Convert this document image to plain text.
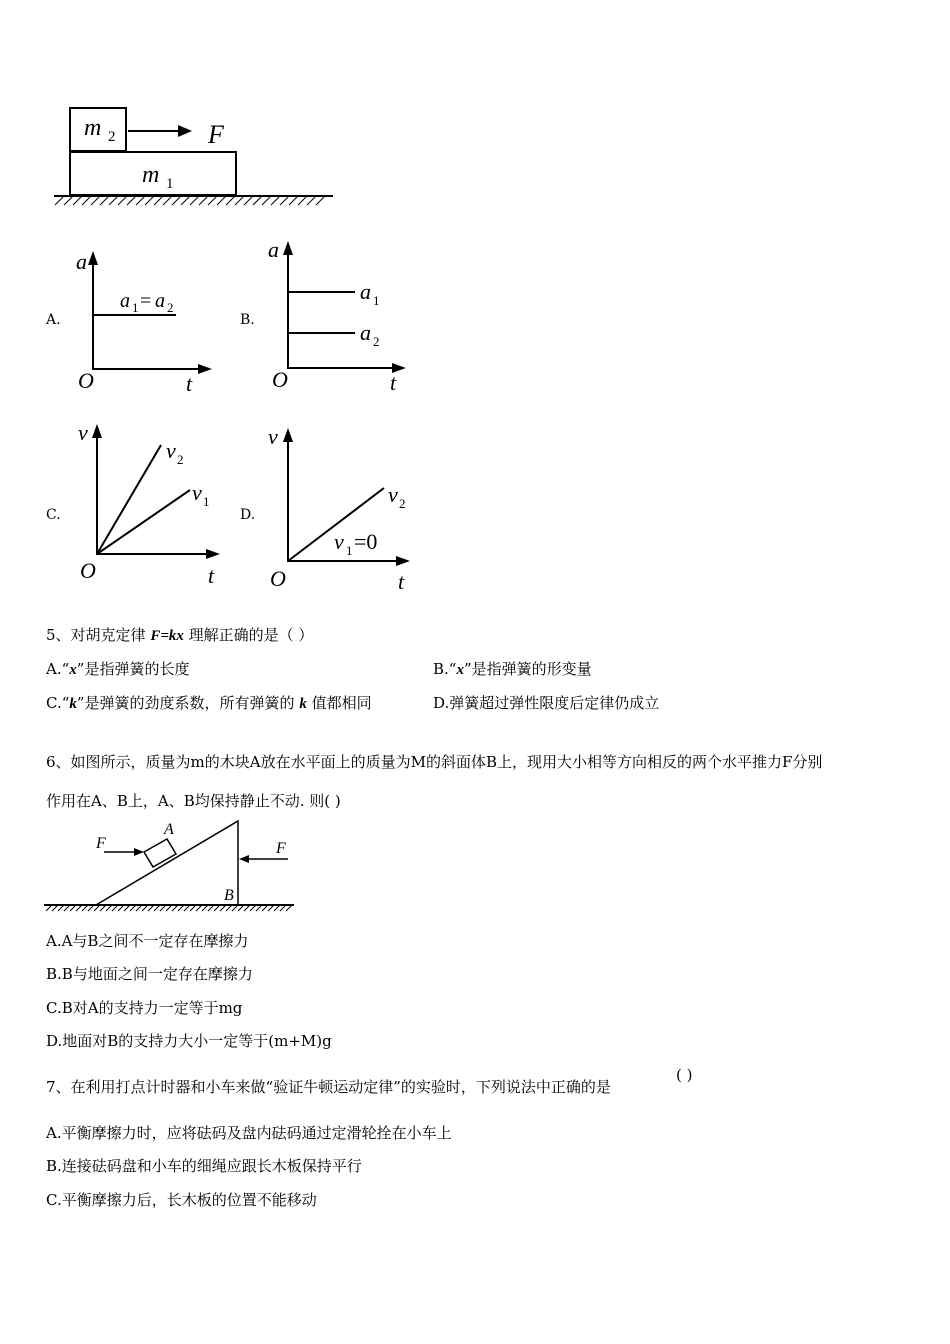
m 2	F
m 1
A.
a
O	t
a 1 = a 2
B.
a
O	t
a 1
a 2
C.
v
O	t
v 2
v 1
D.
v
O	t
v 2
v 1 =0
5、对胡克定律 F=kx 理解正确的是（ ）
A.“x”是指弹簧的长度	B.“x”是指弹簧的形变量
C.“k”是弹簧的劲度系数，所有弹簧的 k 值都相同	D.弹簧超过弹性限度后定律仍成立
6、如图所示，质量为m的木块A放在水平面上的质量为M的斜面体B上，现用大小相等方向相反的两个水平推力F分别
作用在A、B上，A、B均保持静止不动. 则( )
F
A
F
B
A.A与B之间不一定存在摩擦力
B.B与地面之间一定存在摩擦力
C.B对A的支持力一定等于mg
D.地面对B的支持力大小一定等于(m+M)g
7、在利用打点计时器和小车来做“验证牛顿运动定律”的实验时，下列说法中正确的是
( )
A.平衡摩擦力时，应将砝码及盘内砝码通过定滑轮拴在小车上
B.连接砝码盘和小车的细绳应跟长木板保持平行
C.平衡摩擦力后，长木板的位置不能移动
